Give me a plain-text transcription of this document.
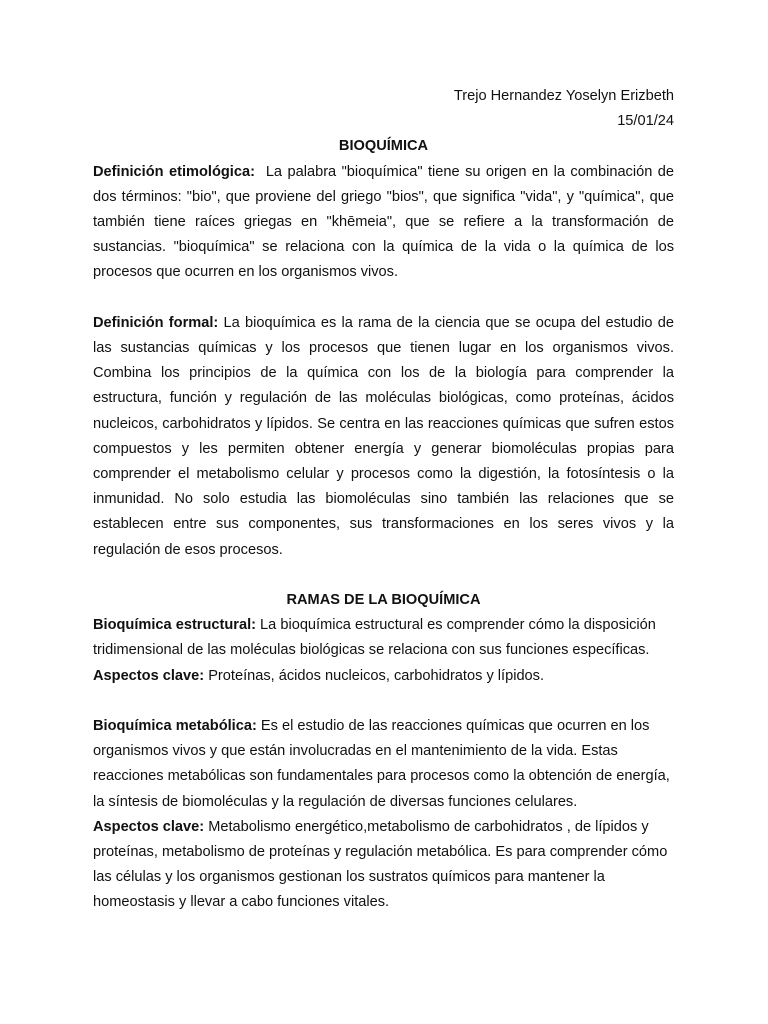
Trejo Hernandez Yoselyn Erizbeth

15/01/24

BIOQUÍMICA

Definición etimológica:  La palabra "bioquímica" tiene su origen en la combinación de dos términos: "bio", que proviene del griego "bios", que significa "vida", y "química", que también tiene raíces griegas en "khēmeia", que se refiere a la transformación de sustancias. "bioquímica" se relaciona con la química de la vida o la química de los procesos que ocurren en los organismos vivos.

Definición formal: La bioquímica es la rama de la ciencia que se ocupa del estudio de las sustancias químicas y los procesos que tienen lugar en los organismos vivos. Combina los principios de la química con los de la biología para comprender la estructura, función y regulación de las moléculas biológicas, como proteínas, ácidos nucleicos, carbohidratos y lípidos. Se centra en las reacciones químicas que sufren estos compuestos y les permiten obtener energía y generar biomoléculas propias para comprender el metabolismo celular y procesos como la digestión, la fotosíntesis o la inmunidad. No solo estudia las biomoléculas sino también las relaciones que se establecen entre sus componentes, sus transformaciones en los seres vivos y la regulación de esos procesos.

RAMAS DE LA BIOQUÍMICA

Bioquímica estructural: La bioquímica estructural es comprender cómo la disposición tridimensional de las moléculas biológicas se relaciona con sus funciones específicas.

Aspectos clave: Proteínas, ácidos nucleicos, carbohidratos y lípidos.

Bioquímica metabólica: Es el estudio de las reacciones químicas que ocurren en los organismos vivos y que están involucradas en el mantenimiento de la vida. Estas reacciones metabólicas son fundamentales para procesos como la obtención de energía, la síntesis de biomoléculas y la regulación de diversas funciones celulares.

Aspectos clave: Metabolismo energético,metabolismo de carbohidratos , de lípidos y proteínas, metabolismo de proteínas y regulación metabólica. Es para comprender cómo las células y los organismos gestionan los sustratos químicos para mantener la homeostasis y llevar a cabo funciones vitales.
